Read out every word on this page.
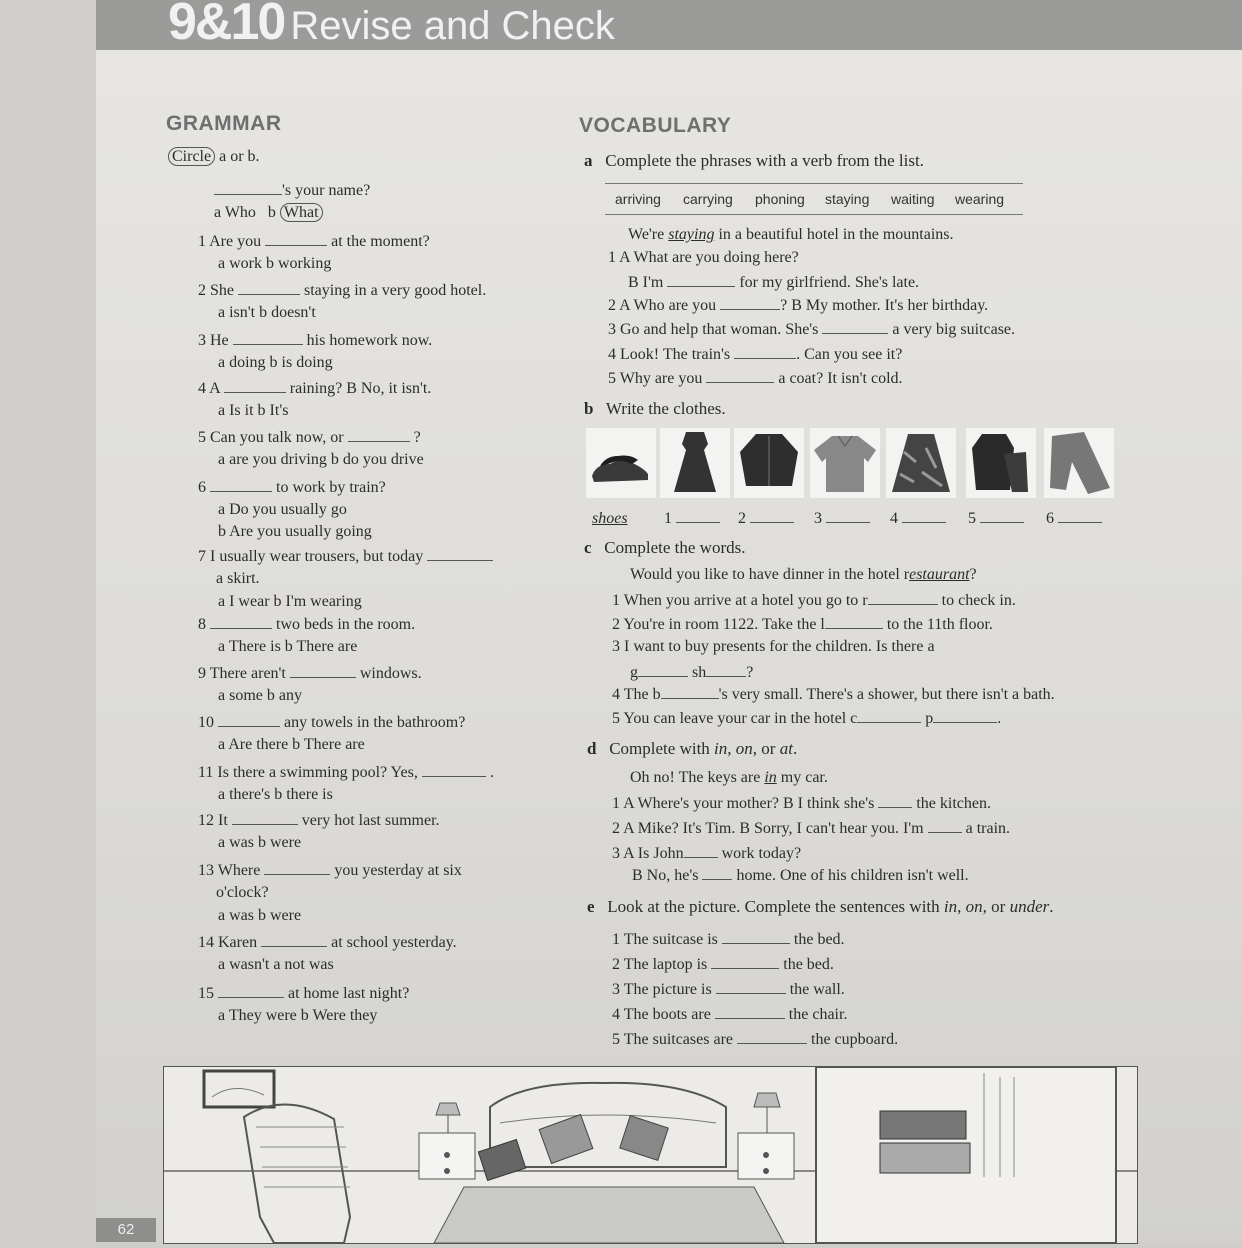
9&10 Revise and Check
GRAMMAR
Circle a or b.
's your name?
a Who b What
1 Are you	at the moment?
a work b working
2 She	staying in a very good hotel.
a isn't b doesn't
3 He	his homework now.
a doing b is doing
4 A	raining? B No, it isn't.
a Is it b It's
5 Can you talk now, or	?
a are you driving b do you drive
6	to work by train?
a Do you usually go
b Are you usually going
7 I usually wear trousers, but today
a skirt.
a I wear b I'm wearing
8	two beds in the room.
a There is b There are
9 There aren't	windows.
a some b any
10	any towels in the bathroom?
a Are there b There are
11 Is there a swimming pool? Yes,	.
a there's b there is
12 It	very hot last summer.
a was b were
13 Where	you yesterday at six
o'clock?
a was b were
14 Karen	at school yesterday.
a wasn't a not was
15	at home last night?
a They were b Were they
VOCABULARY
a Complete the phrases with a verb from the list.
arriving carrying phoning staying waiting wearing
We're staying in a beautiful hotel in the mountains.
1 A What are you doing here?
B I'm	for my girlfriend. She's late.
2 A Who are you	? B My mother. It's her birthday.
3 Go and help that woman. She's	a very big suitcase.
4 Look! The train's	. Can you see it?
5 Why are you	a coat? It isn't cold.
b Write the clothes.
shoes 1	2	3	4	5	6
c Complete the words.
Would you like to have dinner in the hotel restaurant?
1 When you arrive at a hotel you go to r	to check in.
2 You're in room 1122. Take the l	to the 11th floor.
3 I want to buy presents for the children. Is there a
g	sh	?
4 The b	's very small. There's a shower, but there isn't a bath.
5 You can leave your car in the hotel c	p	.
d Complete with in, on, or at.
Oh no! The keys are in my car.
1 A Where's your mother? B I think she's	the kitchen.
2 A Mike? It's Tim. B Sorry, I can't hear you. I'm	a train.
3 A Is John work today?
B No, he's home. One of his children isn't well.
e Look at the picture. Complete the sentences with in, on, or under.
1 The suitcase is	the bed.
2 The laptop is	the bed.
3 The picture is	the wall.
4 The boots are	the chair.
5 The suitcases are	the cupboard.
62
